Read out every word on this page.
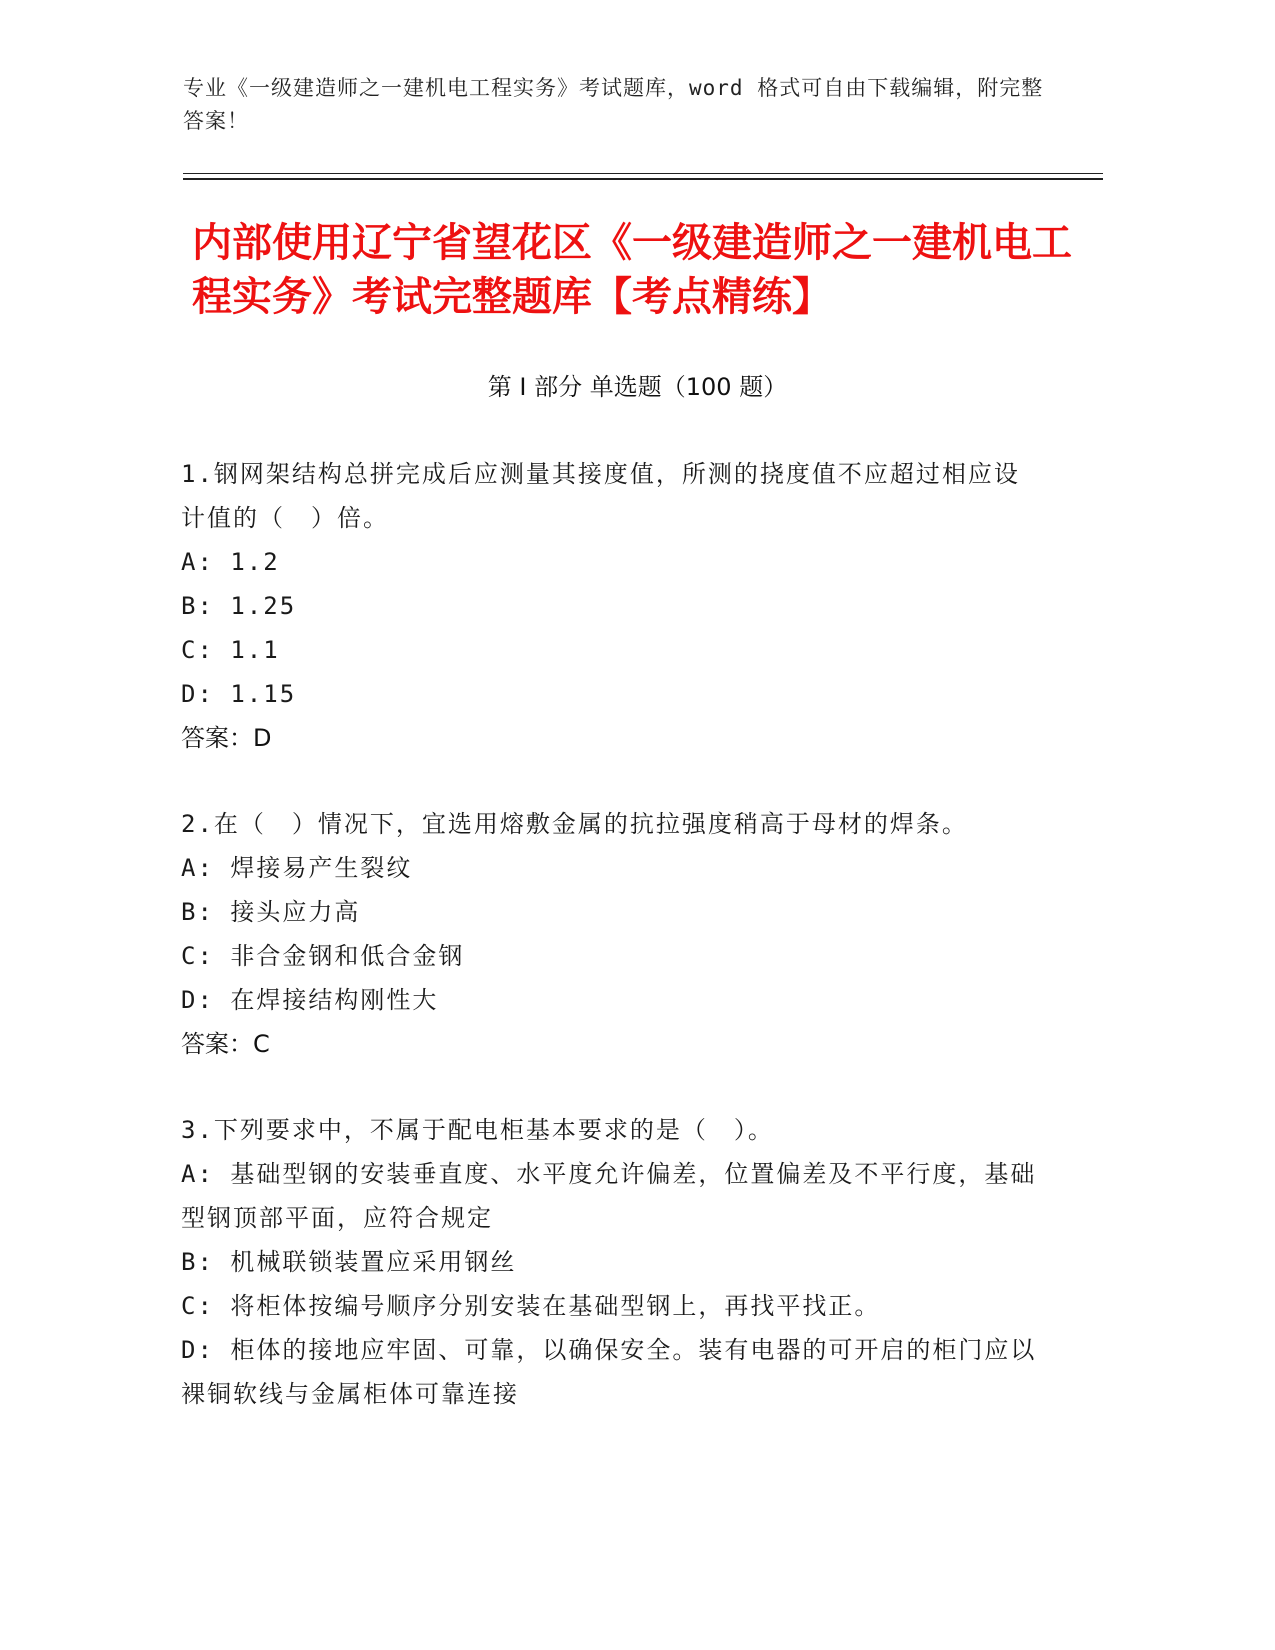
专业《一级建造师之一建机电工程实务》考试题库，word 格式可自由下载编辑，附完整答案！
内部使用辽宁省望花区《一级建造师之一建机电工程实务》考试完整题库【考点精练】
第 I 部分 单选题（100 题）
1.钢网架结构总拼完成后应测量其接度值，所测的挠度值不应超过相应设计值的（　）倍。
A: 1.2
B: 1.25
C: 1.1
D: 1.15
答案：D
2.在（　）情况下，宜选用熔敷金属的抗拉强度稍高于母材的焊条。
A: 焊接易产生裂纹
B: 接头应力高
C: 非合金钢和低合金钢
D: 在焊接结构刚性大
答案：C
3.下列要求中，不属于配电柜基本要求的是（　）。
A: 基础型钢的安装垂直度、水平度允许偏差，位置偏差及不平行度，基础型钢顶部平面，应符合规定
B: 机械联锁装置应采用钢丝
C: 将柜体按编号顺序分别安装在基础型钢上，再找平找正。
D: 柜体的接地应牢固、可靠，以确保安全。装有电器的可开启的柜门应以裸铜软线与金属柜体可靠连接
